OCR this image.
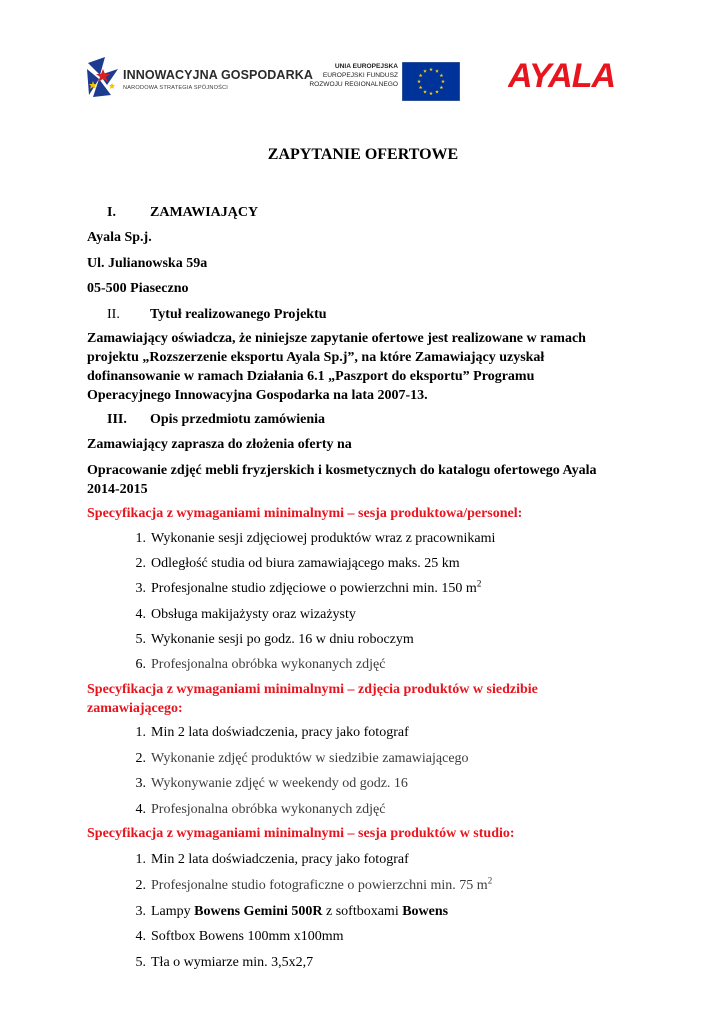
INNOWACYJNA GOSPODARKA
NARODOWA STRATEGIA SPÓJNOŚCI
UNIA EUROPEJSKA
EUROPEJSKI FUNDUSZ
ROZWOJU REGIONALNEGO	AYALA
ZAPYTANIE OFERTOWE
I.	ZAMAWIAJĄCY
Ayala Sp.j.
Ul. Julianowska 59a
05-500 Piaseczno
II.	Tytuł realizowanego Projektu
Zamawiający oświadcza, że niniejsze zapytanie ofertowe jest realizowane w ramach
projektu „Rozszerzenie eksportu Ayala Sp.j”, na które Zamawiający uzyskał
dofinansowanie w ramach Działania 6.1 „Paszport do eksportu” Programu
Operacyjnego Innowacyjna Gospodarka na lata 2007-13.
III.	Opis przedmiotu zamówienia
Zamawiający zaprasza do złożenia oferty na
Opracowanie zdjęć mebli fryzjerskich i kosmetycznych do katalogu ofertowego Ayala
2014-2015
Specyfikacja z wymaganiami minimalnymi – sesja produktowa/personel:
1. Wykonanie sesji zdjęciowej produktów wraz z pracownikami
2. Odległość studia od biura zamawiającego maks. 25 km
3. Profesjonalne studio zdjęciowe o powierzchni min. 150 $m^2$
4. Obsługa makijażysty oraz wizażysty
5. Wykonanie sesji po godz. 16 w dniu roboczym
6. Profesjonalna obróbka wykonanych zdjęć
Specyfikacja z wymaganiami minimalnymi – zdjęcia produktów w siedzibie
zamawiającego:
1. Min 2 lata doświadczenia, pracy jako fotograf
2. Wykonanie zdjęć produktów w siedzibie zamawiającego
3. Wykonywanie zdjęć w weekendy od godz. 16
4. Profesjonalna obróbka wykonanych zdjęć
Specyfikacja z wymaganiami minimalnymi – sesja produktów w studio:
1. Min 2 lata doświadczenia, pracy jako fotograf
2. Profesjonalne studio fotograficzne o powierzchni min. 75 $m^2$
3. Lampy Bowens Gemini 500R z softboxami Bowens
4. Softbox Bowens 100mm x100mm
5. Tła o wymiarze min. 3,5x2,7
